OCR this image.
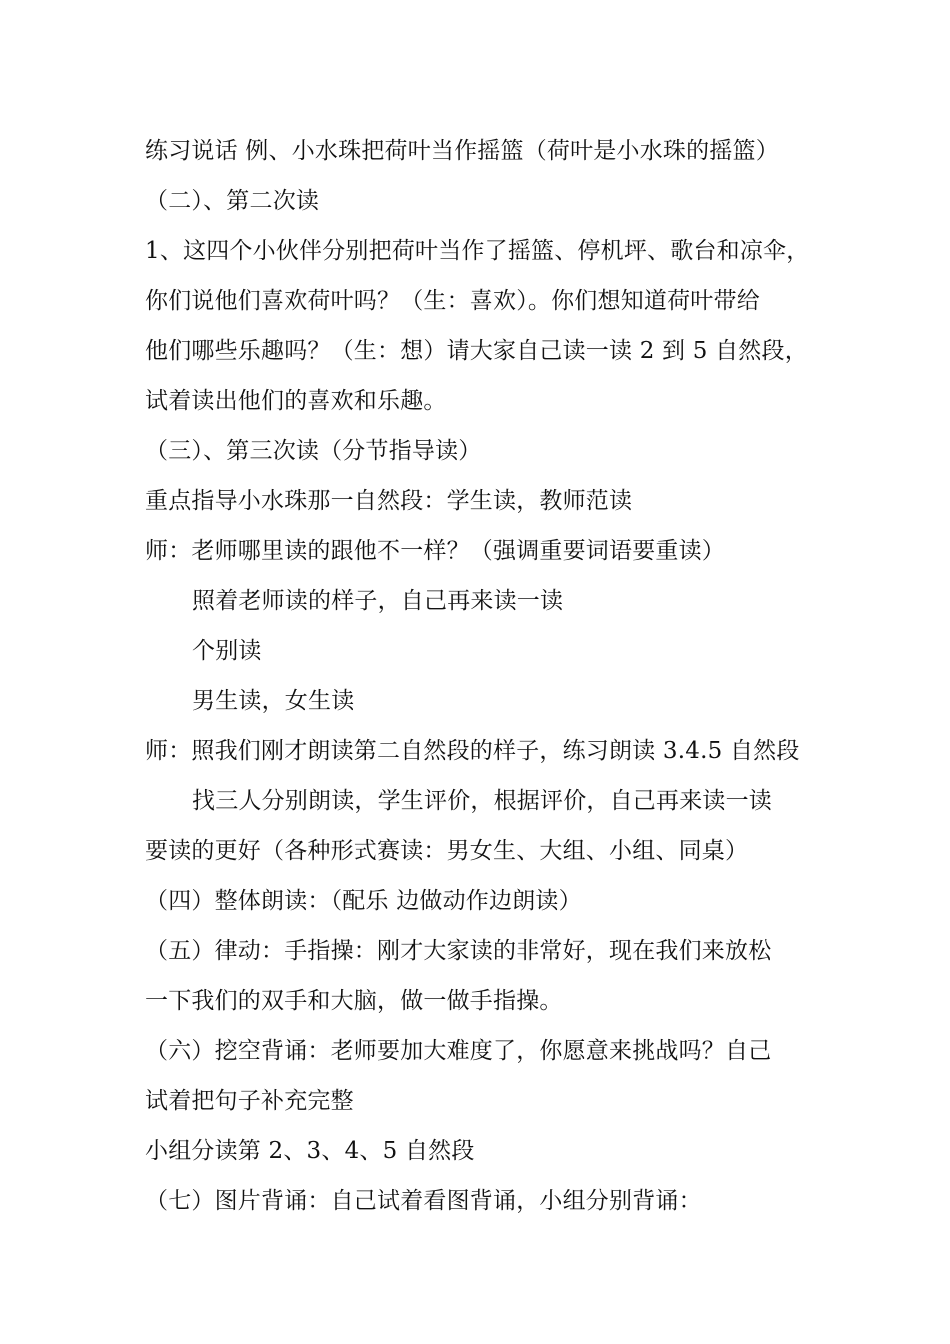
练习说话 例、小水珠把荷叶当作摇篮（荷叶是小水珠的摇篮）

（二）、第二次读

1、这四个小伙伴分别把荷叶当作了摇篮、停机坪、歌台和凉伞，

你们说他们喜欢荷叶吗？（生：喜欢）。你们想知道荷叶带给

他们哪些乐趣吗？（生：想）请大家自己读一读 2 到 5 自然段，

试着读出他们的喜欢和乐趣。

（三）、第三次读（分节指导读）

重点指导小水珠那一自然段：学生读，教师范读

师：老师哪里读的跟他不一样？（强调重要词语要重读）

照着老师读的样子，自己再来读一读

个别读

男生读，女生读

师：照我们刚才朗读第二自然段的样子，练习朗读 3.4.5 自然段

找三人分别朗读，学生评价，根据评价，自己再来读一读

要读的更好（各种形式赛读：男女生、大组、小组、同桌）

（四）整体朗读：（配乐 边做动作边朗读）

（五）律动：手指操：刚才大家读的非常好，现在我们来放松

一下我们的双手和大脑，做一做手指操。

（六）挖空背诵：老师要加大难度了，你愿意来挑战吗？自己

试着把句子补充完整

小组分读第 2、3、4、5 自然段

（七）图片背诵：自己试着看图背诵，小组分别背诵：
